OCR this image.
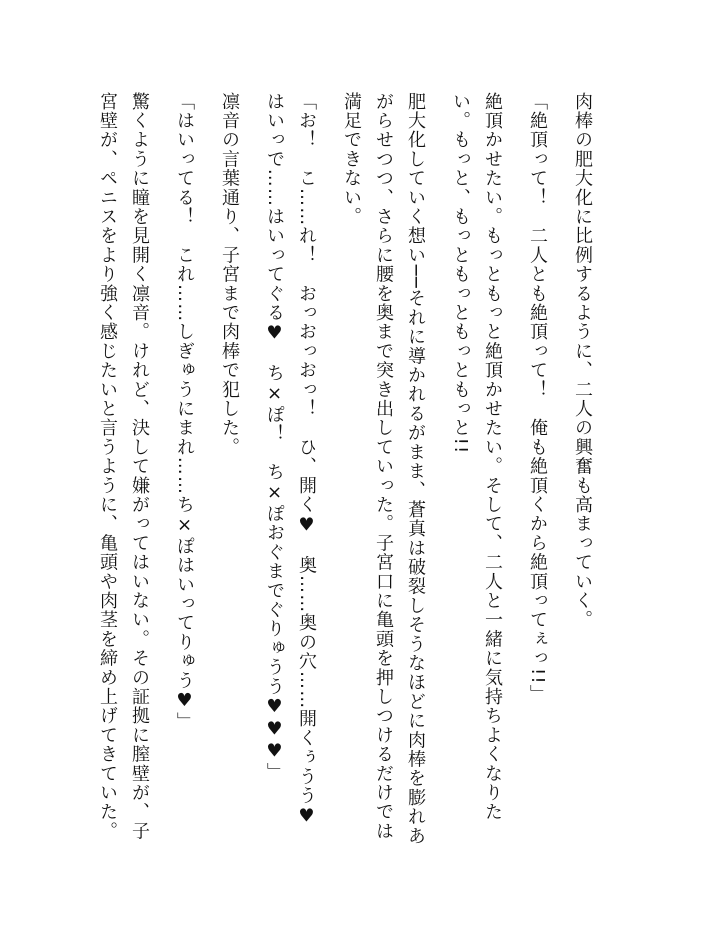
肉棒の肥大化に比例するように、二人の興奮も高まっていく。

「絶頂って！　二人とも絶頂って！　俺も絶頂くから絶頂ってぇっ!!」

絶頂かせたい。もっともっと絶頂かせたい。そして、二人と一緒に気持ちよくなりたい。もっと、もっともっともっともっと!!

肥大化していく想い──それに導かれるがまま、蒼真は破裂しそうなほどに肉棒を膨れあがらせつつ、さらに腰を奥まで突き出していった。子宮口に亀頭を押しつけるだけでは満足できない。

「お！　こ……れ！　おっおっおっ！　ひ、開く♥　奥……奥の穴……開くぅうう♥　はいっで……はいってぐる♥　ち×ぽ！　ち×ぽおぐまでぐりゅうう♥♥♥」

凛音の言葉通り、子宮まで肉棒で犯した。

「はいってる！　これ……しぎゅうにまれ……ち×ぽはいってりゅう♥」

驚くように瞳を見開く凛音。けれど、決して嫌がってはいない。その証拠に膣壁が、子宮壁が、ペニスをより強く感じたいと言うように、亀頭や肉茎を締め上げてきていた。
